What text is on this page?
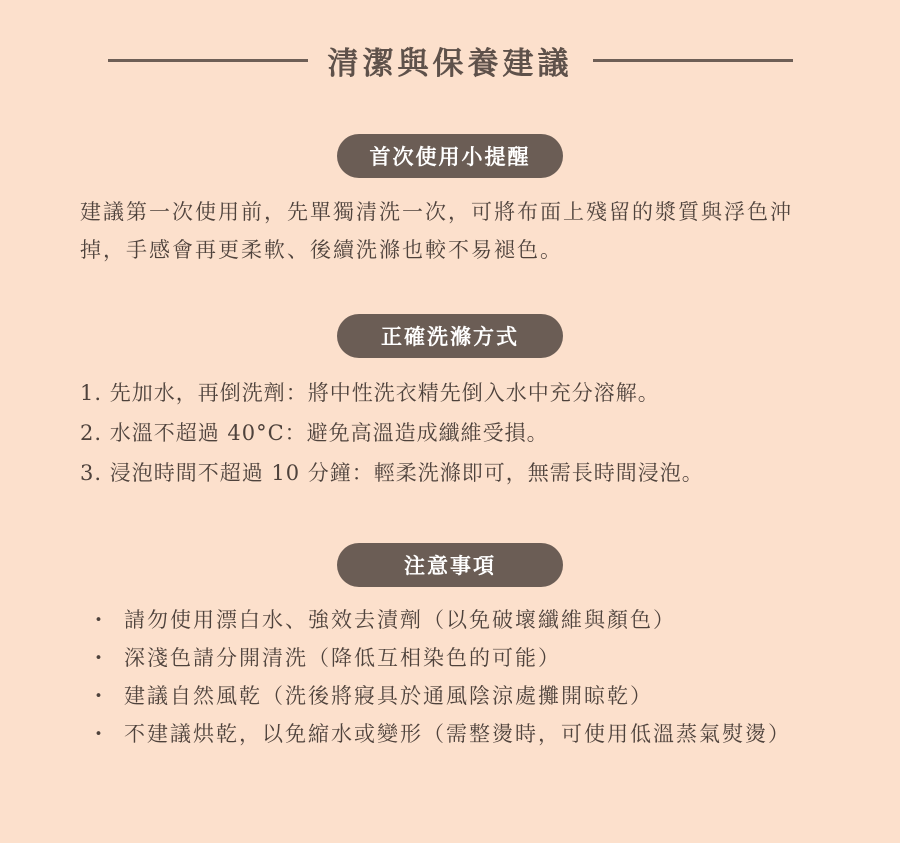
清潔與保養建議
首次使用小提醒

建議第一次使用前，先單獨清洗一次，可將布面上殘留的漿質與浮色沖掉，手感會再更柔軟、後續洗滌也較不易褪色。

正確洗滌方式
1. 先加水，再倒洗劑：將中性洗衣精先倒入水中充分溶解。
2. 水溫不超過 40°C：避免高溫造成纖維受損。
3. 浸泡時間不超過 10 分鐘：輕柔洗滌即可，無需長時間浸泡。
注意事項
・ 請勿使用漂白水、強效去漬劑（以免破壞纖維與顏色）
・ 深淺色請分開清洗（降低互相染色的可能）
・ 建議自然風乾（洗後將寢具於通風陰涼處攤開晾乾）
・ 不建議烘乾，以免縮水或變形（需整燙時，可使用低溫蒸氣熨燙）
